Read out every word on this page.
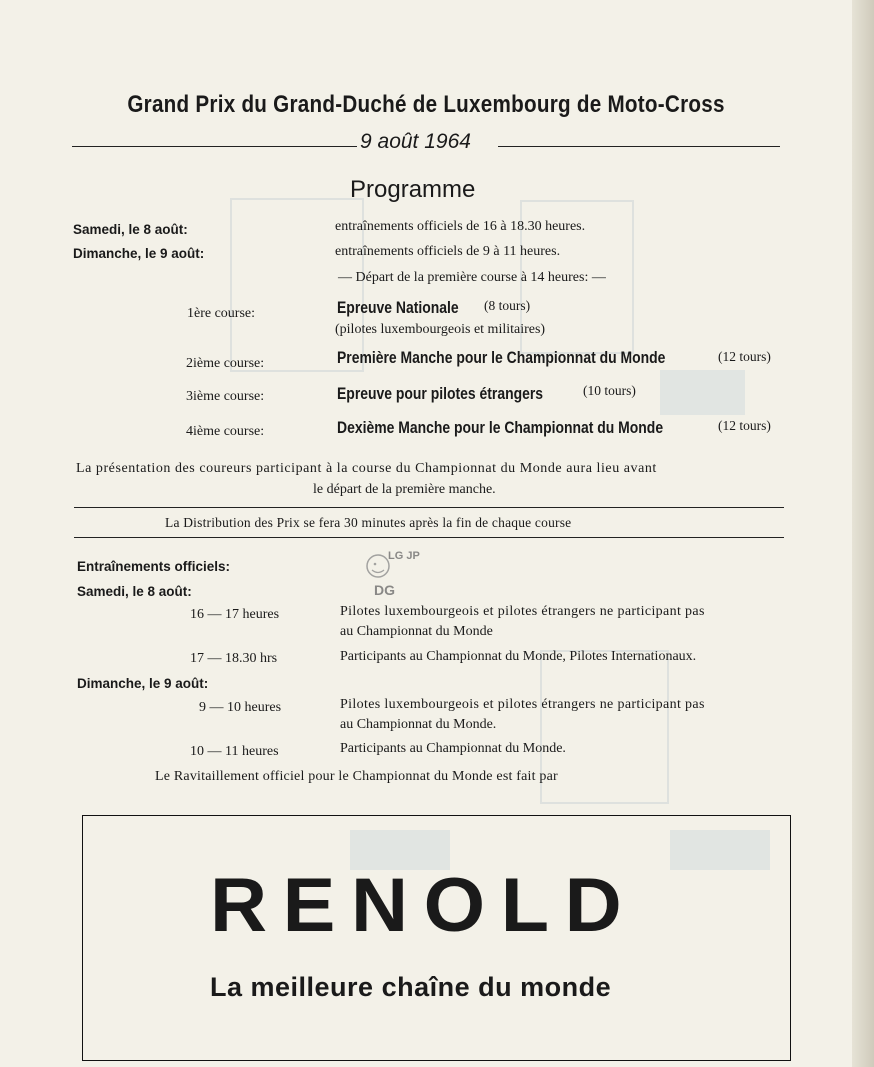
Grand Prix du Grand-Duché de Luxembourg de Moto-Cross
9 août 1964
Programme
Samedi, le 8 août:	entraînements officiels de 16 à 18.30 heures.
Dimanche, le 9 août:	entraînements officiels de 9 à 11 heures.
— Départ de la première course à 14 heures: —
1ère course:	Epreuve Nationale (8 tours)
(pilotes luxembourgeois et militaires)
2ième course:	Première Manche pour le Championnat du Monde	(12 tours)
3ième course:	Epreuve pour pilotes étrangers	(10 tours)
4ième course:	Dexième Manche pour le Championnat du Monde	(12 tours)
La présentation des coureurs participant à la course du Championnat du Monde aura lieu avant
le départ de la première manche.
La Distribution des Prix se fera 30 minutes après la fin de chaque course
LG JP
DG
Entraînements officiels:
Samedi, le 8 août:
16 — 17 heures	Pilotes luxembourgeois et pilotes étrangers ne participant pas
au Championnat du Monde
17 — 18.30 hrs	Participants au Championnat du Monde, Pilotes Internationaux.
Dimanche, le 9 août:
9 — 10 heures	Pilotes luxembourgeois et pilotes étrangers ne participant pas
au Championnat du Monde.
10 — 11 heures	Participants au Championnat du Monde.
Le Ravitaillement officiel pour le Championnat du Monde est fait par
RENOLD
La meilleure chaîne du monde
